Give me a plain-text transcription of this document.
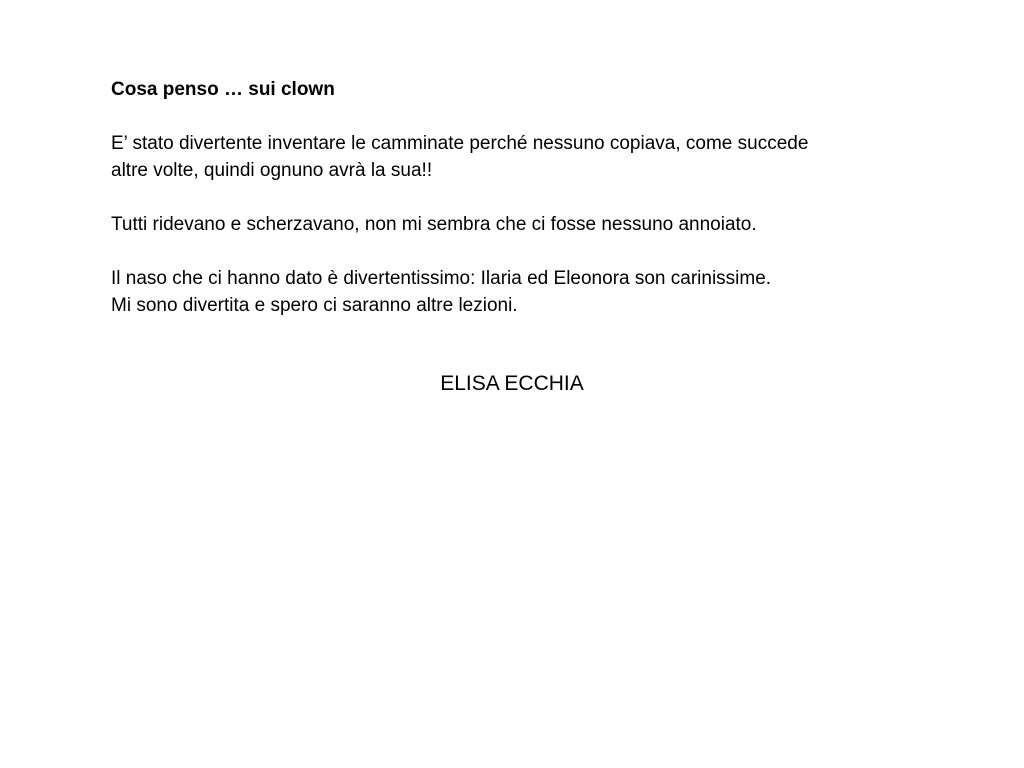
Cosa penso … sui clown

E’ stato divertente inventare le camminate perché nessuno copiava, come succede
altre volte, quindi ognuno avrà la sua!!

Tutti ridevano e scherzavano, non mi sembra che ci fosse nessuno annoiato.

Il naso che ci hanno dato è divertentissimo: Ilaria ed Eleonora son carinissime.
Mi sono divertita e spero ci saranno altre lezioni.

ELISA ECCHIA
